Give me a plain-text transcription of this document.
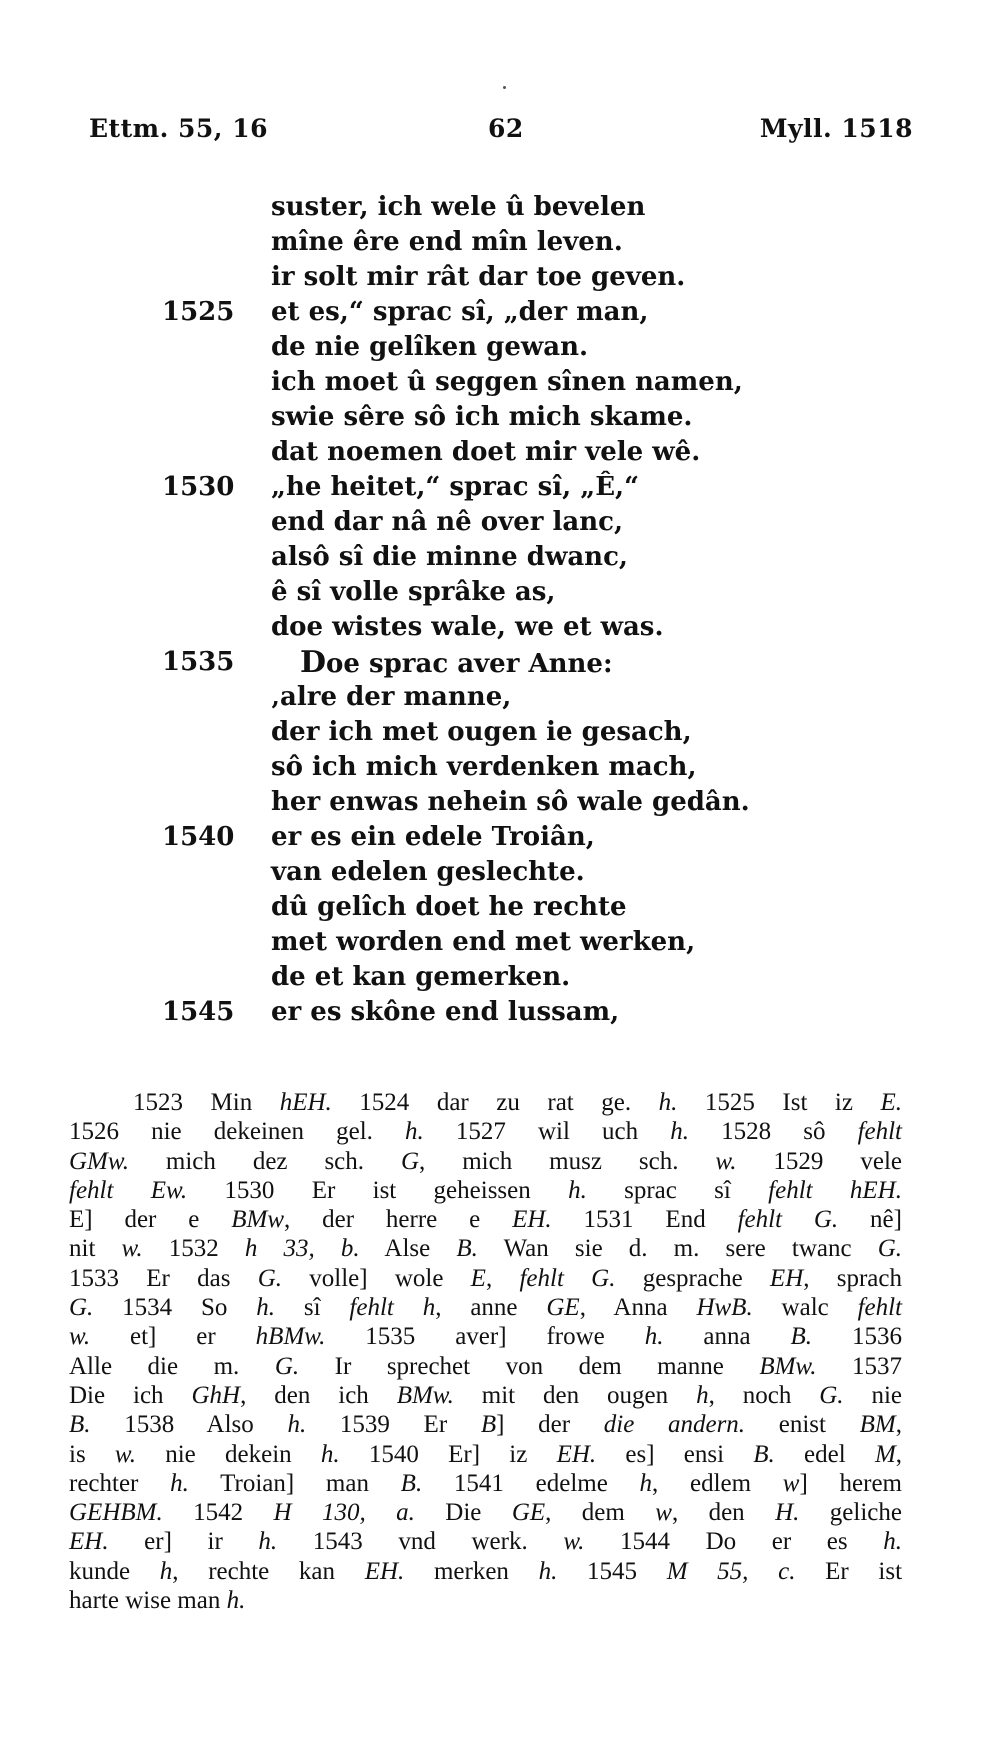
Ettm. 55, 16	62	Myll. 1518
suster, ich wele û bevelen
mîne êre end mîn leven.
ir solt mir rât dar toe geven.
1525 et es,“ sprac sî, „der man,
de nie gelîken gewan.
ich moet û seggen sînen namen,
swie sêre sô ich mich skame.
dat noemen doet mir vele wê.
1530 „he heitet,“ sprac sî, „Ê,“
end dar nâ nê over lanc,
alsô sî die minne dwanc,
ê sî volle sprâke as,
doe wistes wale, we et was.
1535 Doe sprac aver Anne:
‚alre der manne,
der ich met ougen ie gesach,
sô ich mich verdenken mach,
her enwas nehein sô wale gedân.
1540 er es ein edele Troiân,
van edelen geslechte.
dû gelîch doet he rechte
met worden end met werken,
de et kan gemerken.
1545 er es skône end lussam,
1523 Min hEH. 1524 dar zu rat ge. h. 1525 Ist iz E.
1526 nie dekeinen gel. h. 1527 wil uch h. 1528 sô fehlt
GMw. mich dez sch. G, mich musz sch. w. 1529 vele
fehlt Ew. 1530 Er ist geheissen h. sprac sî fehlt hEH.
E] der e BMw, der herre e EH. 1531 End fehlt G. nê]
nit w. 1532 h 33, b. Alse B. Wan sie d. m. sere twanc G.
1533 Er das G. volle] wole E, fehlt G. gesprache EH, sprach
G. 1534 So h. sî fehlt h, anne GE, Anna HwB. walc fehlt
w. et] er hBMw. 1535 aver] frowe h. anna B. 1536
Alle die m. G. Ir sprechet von dem manne BMw. 1537
Die ich GhH, den ich BMw. mit den ougen h, noch G. nie
B. 1538 Also h. 1539 Er B] der die andern. enist BM,
is w. nie dekein h. 1540 Er] iz EH. es] ensi B. edel M,
rechter h. Troian] man B. 1541 edelme h, edlem w] herem
GEHBM. 1542 H 130, a. Die GE, dem w, den H. geliche
EH. er] ir h. 1543 vnd werk. w. 1544 Do er es h.
kunde h, rechte kan EH. merken h. 1545 M 55, c. Er ist
harte wise man h.
